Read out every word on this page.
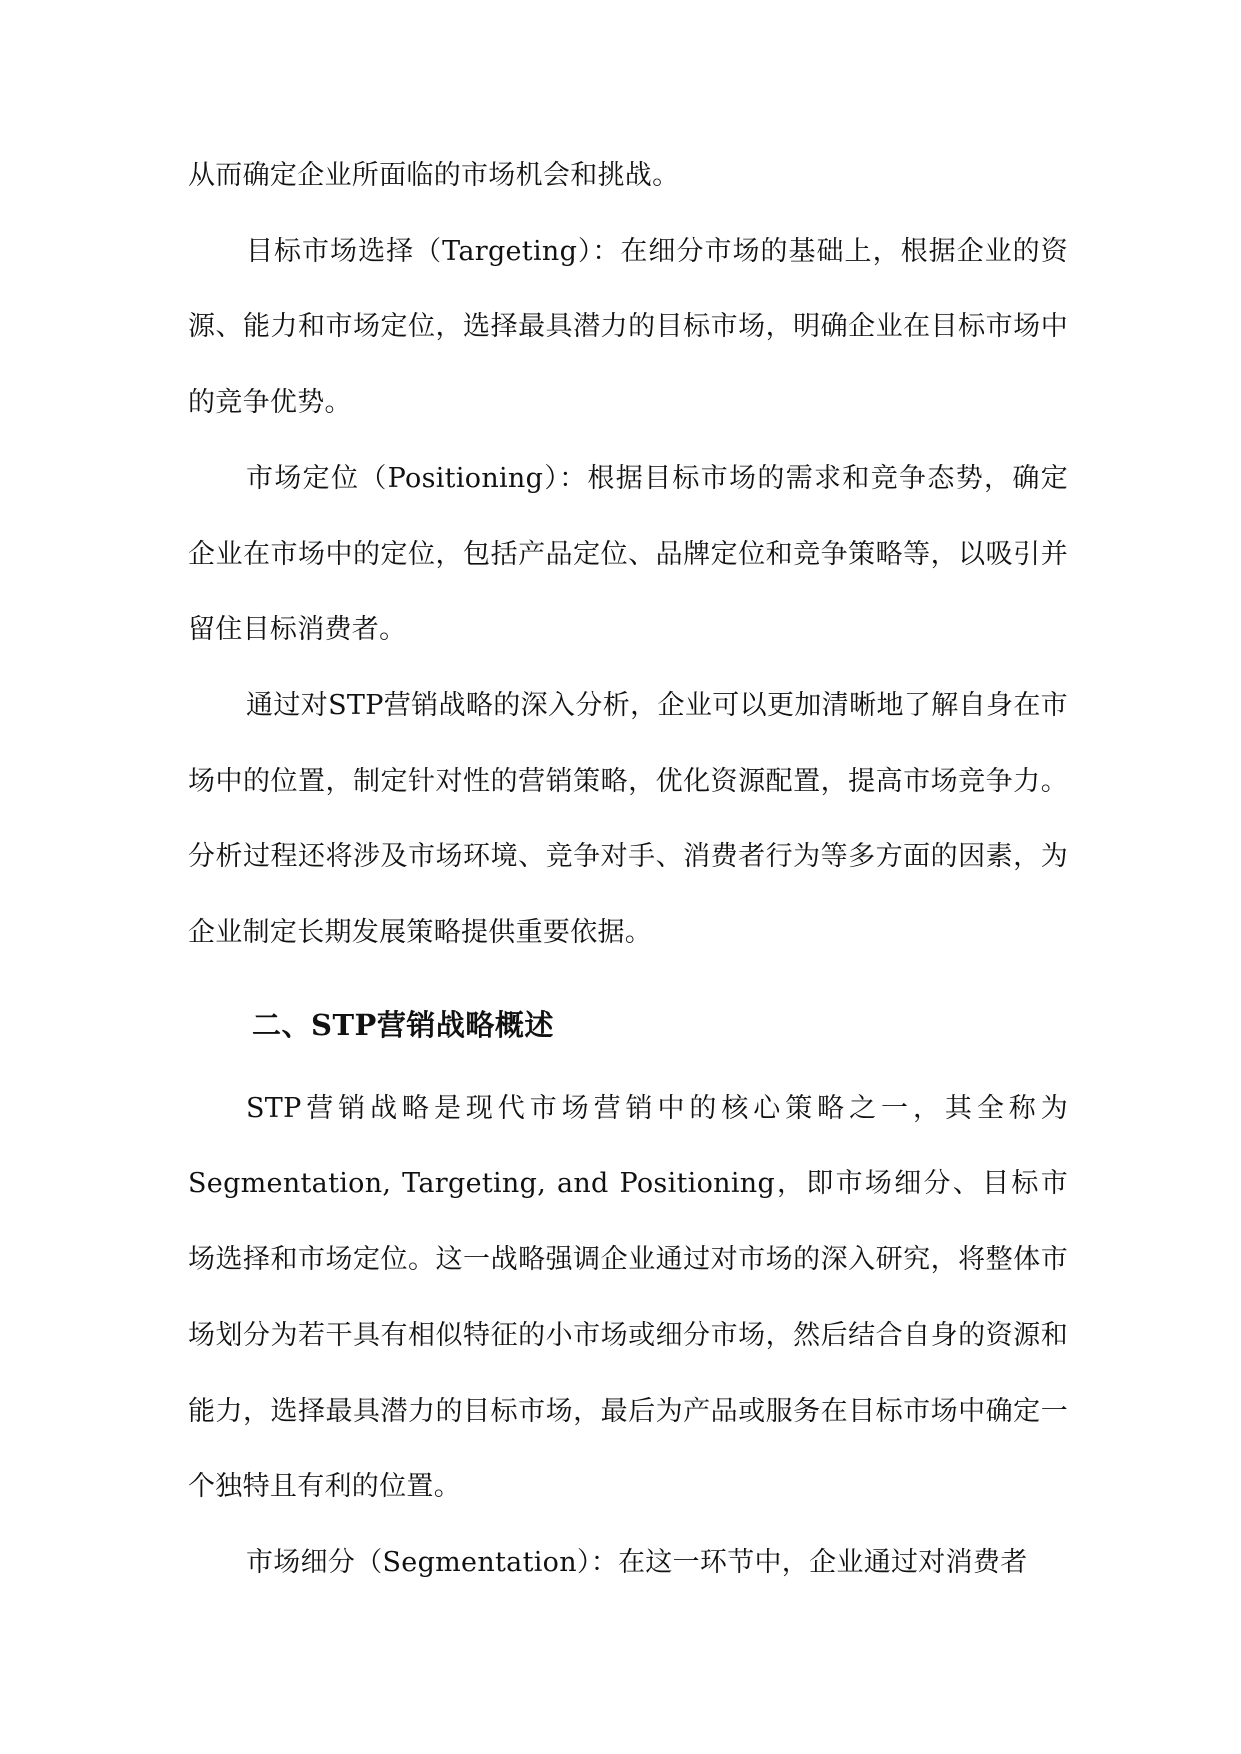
从而确定企业所面临的市场机会和挑战。

目标市场选择（Targeting）：在细分市场的基础上，根据企业的资源、能力和市场定位，选择最具潜力的目标市场，明确企业在目标市场中的竞争优势。

市场定位（Positioning）：根据目标市场的需求和竞争态势，确定企业在市场中的定位，包括产品定位、品牌定位和竞争策略等，以吸引并留住目标消费者。

通过对STP营销战略的深入分析，企业可以更加清晰地了解自身在市场中的位置，制定针对性的营销策略，优化资源配置，提高市场竞争力。分析过程还将涉及市场环境、竞争对手、消费者行为等多方面的因素，为企业制定长期发展策略提供重要依据。

二、STP营销战略概述

STP营销战略是现代市场营销中的核心策略之一，其全称为Segmentation, Targeting, and Positioning，即市场细分、目标市场选择和市场定位。这一战略强调企业通过对市场的深入研究，将整体市场划分为若干具有相似特征的小市场或细分市场，然后结合自身的资源和能力，选择最具潜力的目标市场，最后为产品或服务在目标市场中确定一个独特且有利的位置。

市场细分（Segmentation）：在这一环节中，企业通过对消费者
